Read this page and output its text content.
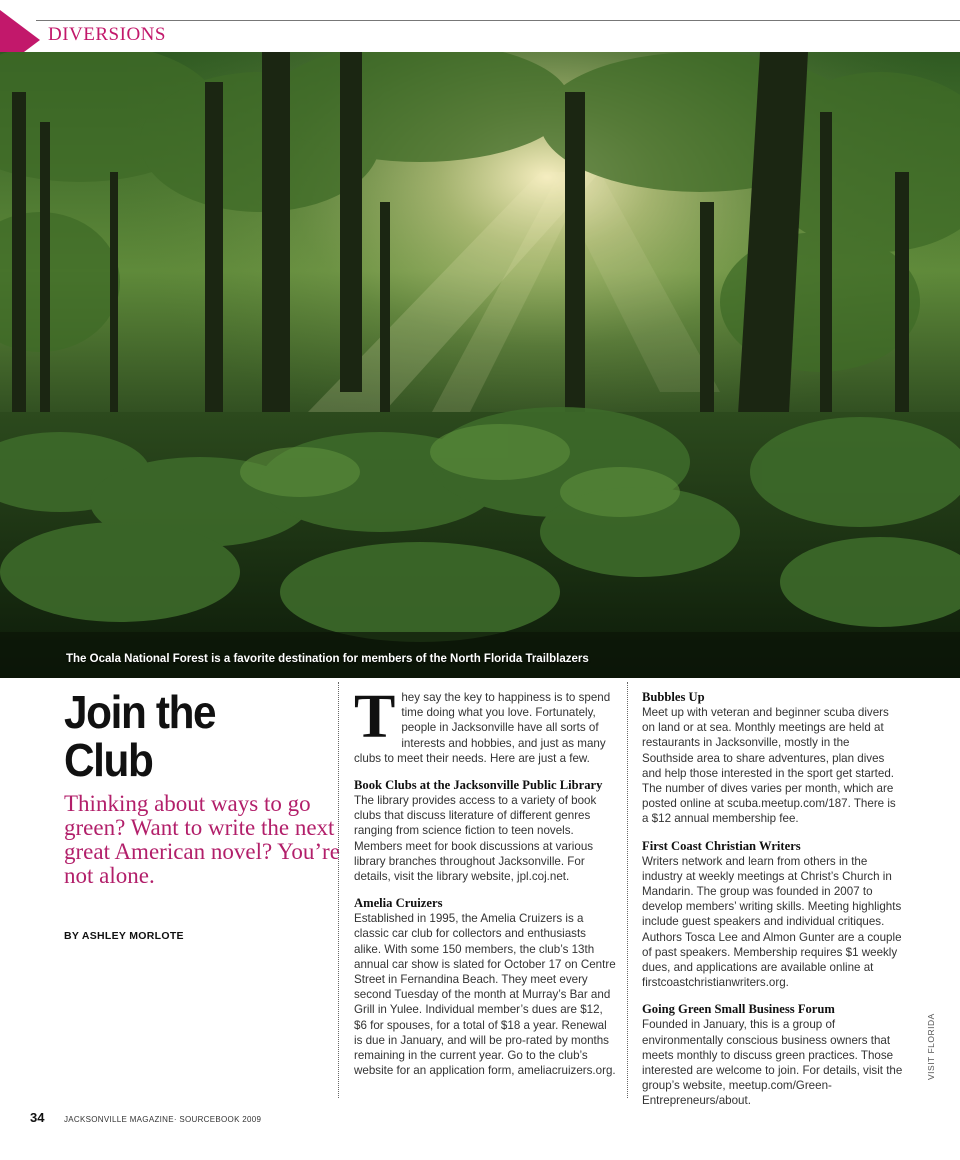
DIVERSIONS
The Ocala National Forest is a favorite destination for members of the North Florida Trailblazers
Join the
Club
Thinking about ways to go green? Want to write the next great American novel? You’re not alone.
BY ASHLEY MORLOTE

They say the key to happiness is to spend time doing what you love. Fortunately, people in Jacksonville have all sorts of interests and hobbies, and just as many clubs to meet their needs. Here are just a few.

Book Clubs at the Jacksonville Public Library

The library provides access to a variety of book clubs that discuss literature of different genres ranging from science fiction to teen novels. Members meet for book discussions at various library branches throughout Jacksonville. For details, visit the library website, jpl.coj.net.

Amelia Cruizers

Established in 1995, the Amelia Cruizers is a classic car club for collectors and enthusiasts alike. With some 150 members, the club’s 13th annual car show is slated for October 17 on Centre Street in Fernandina Beach. They meet every second Tuesday of the month at Murray’s Bar and Grill in Yulee. Individual member’s dues are $12, $6 for spouses, for a total of $18 a year. Renewal is due in January, and will be pro-rated by months remaining in the current year. Go to the club’s website for an application form, ameliacruizers.org.

Bubbles Up

Meet up with veteran and beginner scuba divers on land or at sea. Monthly meetings are held at restaurants in Jacksonville, mostly in the Southside area to share adventures, plan dives and help those interested in the sport get started. The number of dives varies per month, which are posted online at scuba.meetup.com/187. There is a $12 annual membership fee.

First Coast Christian Writers

Writers network and learn from others in the industry at weekly meetings at Christ’s Church in Mandarin. The group was founded in 2007 to develop members’ writing skills. Meeting highlights include guest speakers and individual critiques. Authors Tosca Lee and Almon Gunter are a couple of past speakers. Membership requires $1 weekly dues, and applications are available online at firstcoastchristianwriters.org.

Going Green Small Business Forum

Founded in January, this is a group of environmentally conscious business owners that meets monthly to discuss green practices. Those interested are welcome to join. For details, visit the group’s website, meetup.com/Green-Entrepreneurs/about.

VISIT FLORIDA
34 JACKSONVILLE MAGAZINE· SOURCEBOOK 2009
